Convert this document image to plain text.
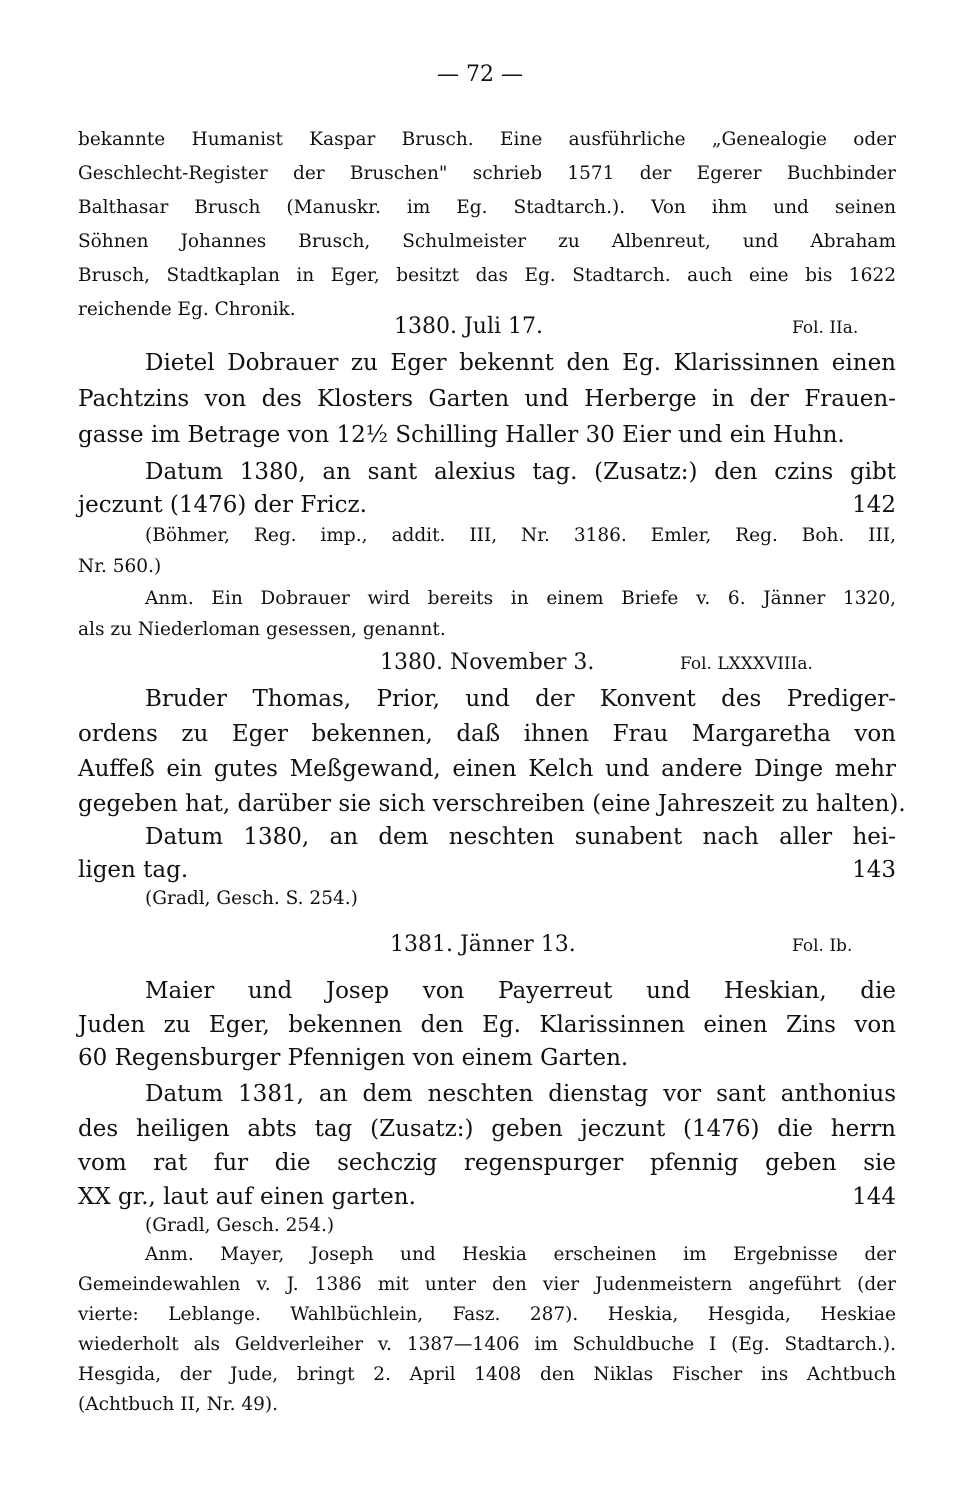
— 72 —
bekannte Humanist Kaspar Brusch. Eine ausführliche „Genealogie oder
Geschlecht-Register der Bruschen" schrieb 1571 der Egerer Buchbinder
Balthasar Brusch (Manuskr. im Eg. Stadtarch.). Von ihm und seinen
Söhnen Johannes Brusch, Schulmeister zu Albenreut, und Abraham
Brusch, Stadtkaplan in Eger, besitzt das Eg. Stadtarch. auch eine bis 1622
reichende Eg. Chronik.
1380. Juli 17.	Fol. IIa.
Dietel Dobrauer zu Eger bekennt den Eg. Klarissinnen einen
Pachtzins von des Klosters Garten und Herberge in der Frauen-
gasse im Betrage von 12½ Schilling Haller 30 Eier und ein Huhn.
Datum 1380, an sant alexius tag. (Zusatz:) den czins gibt
jeczunt (1476) der Fricz.	142
(Böhmer, Reg. imp., addit. III, Nr. 3186. Emler, Reg. Boh. III,
Nr. 560.)
Anm. Ein Dobrauer wird bereits in einem Briefe v. 6. Jänner 1320,
als zu Niederloman gesessen, genannt.
1380. November 3.	Fol. LXXXVIIIa.
Bruder Thomas, Prior, und der Konvent des Prediger-
ordens zu Eger bekennen, daß ihnen Frau Margaretha von
Auffeß ein gutes Meßgewand, einen Kelch und andere Dinge mehr
gegeben hat, darüber sie sich verschreiben (eine Jahreszeit zu halten).
Datum 1380, an dem neschten sunabent nach aller hei-
ligen tag.	143
(Gradl, Gesch. S. 254.)
1381. Jänner 13.	Fol. Ib.
Maier und Josep von Payerreut und Heskian, die
Juden zu Eger, bekennen den Eg. Klarissinnen einen Zins von
60 Regensburger Pfennigen von einem Garten.
Datum 1381, an dem neschten dienstag vor sant anthonius
des heiligen abts tag (Zusatz:) geben jeczunt (1476) die herrn
vom rat fur die sechczig regenspurger pfennig geben sie
XX gr., laut auf einen garten.	144
(Gradl, Gesch. 254.)
Anm. Mayer, Joseph und Heskia erscheinen im Ergebnisse der
Gemeindewahlen v. J. 1386 mit unter den vier Judenmeistern angeführt (der
vierte: Leblange. Wahlbüchlein, Fasz. 287). Heskia, Hesgida, Heskiae
wiederholt als Geldverleiher v. 1387—1406 im Schuldbuche I (Eg. Stadtarch.).
Hesgida, der Jude, bringt 2. April 1408 den Niklas Fischer ins Achtbuch
(Achtbuch II, Nr. 49).
